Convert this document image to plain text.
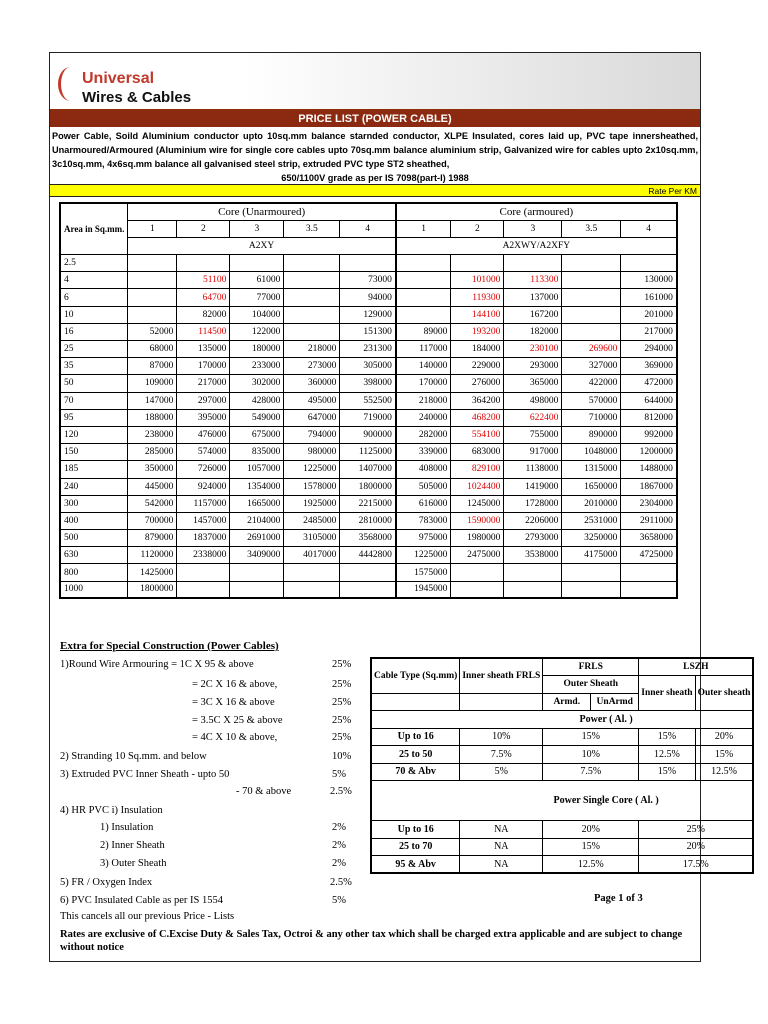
Universal
Wires & Cables
PRICE LIST (POWER CABLE)
Power Cable, Soild Aluminium conductor upto 10sq.mm balance starnded conductor, XLPE Insulated, cores laid up, PVC tape innersheathed, Unarmoured/Armoured (Aluminium wire for single core cables upto 70sq.mm balance aluminium strip, Galvanized wire for cables upto 2x10sq.mm, 3c10sq.mm, 4x6sq.mm balance all galvanised steel strip, extruded PVC type ST2 sheathed,
650/1100V grade as per IS 7098(part-I) 1988
Rate Per KM
Area in Sq.mm.	Core (Unarmoured)					Core (armoured)				
	1	2	3	3.5	4	1	2	3	3.5	4
	A2XY					A2XWY/A2XFY				
2.5										
4		51100	61000		73000		101000	113300		130000
6		64700	77000		94000		119300	137000		161000
10		82000	104000		129000		144100	167200		201000
16	52000	114500	122000		151300	89000	193200	182000		217000
25	68000	135000	180000	218000	231300	117000	184000	230100	269600	294000
35	87000	170000	233000	273000	305000	140000	229000	293000	327000	369000
50	109000	217000	302000	360000	398000	170000	276000	365000	422000	472000
70	147000	297000	428000	495000	552500	218000	364200	498000	570000	644000
95	188000	395000	549000	647000	719000	240000	468200	622400	710000	812000
120	238000	476000	675000	794000	900000	282000	554100	755000	890000	992000
150	285000	574000	835000	980000	1125000	339000	683000	917000	1048000	1200000
185	350000	726000	1057000	1225000	1407000	408000	829100	1138000	1315000	1488000
240	445000	924000	1354000	1578000	1800000	505000	1024400	1419000	1650000	1867000
300	542000	1157000	1665000	1925000	2215000	616000	1245000	1728000	2010000	2304000
400	700000	1457000	2104000	2485000	2810000	783000	1590000	2206000	2531000	2911000
500	879000	1837000	2691000	3105000	3568000	975000	1980000	2793000	3250000	3658000
630	1120000	2338000	3409000	4017000	4442800	1225000	2475000	3538000	4175000	4725000
800	1425000					1575000				
1000	1800000					1945000				
Extra for Special Construction (Power Cables)
1)Round Wire Armouring = 1C X 95 & above	25%
= 2C X 16 & above,	25%
= 3C X 16 & above	25%
= 3.5C X 25 & above	25%
= 4C X 10 & above,	25%
2) Stranding 10 Sq.mm. and below	10%
3) Extruded PVC Inner Sheath - upto 50	5%
- 70 & above	2.5%
4) HR PVC i) Insulation
1) Insulation	2%
2) Inner Sheath	2%
3) Outer Sheath	2%
5) FR / Oxygen Index	2.5%
6) PVC Insulated Cable as per IS 1554	5%
Cable Type (Sq.mm)	Inner sheath FRLS	FRLS		LSZH	
		Outer Sheath		Inner sheath	Outer sheath
		Armd.	UnArmd		
	Power ( Al. )				
Up to 16	10%	15%		15%	20%
25 to 50	7.5%	10%		12.5%	15%
70 & Abv	5%	7.5%		15%	12.5%
	Power Single Core ( Al. )				
Up to 16	NA	20%		25%	
25 to 70	NA	15%		20%	
95 & Abv	NA	12.5%		17.5%	
Page 1 of 3
This cancels all our previous Price - Lists
Rates are exclusive of C.Excise Duty & Sales Tax, Octroi & any other tax which shall be charged extra applicable and are subject to change without notice
